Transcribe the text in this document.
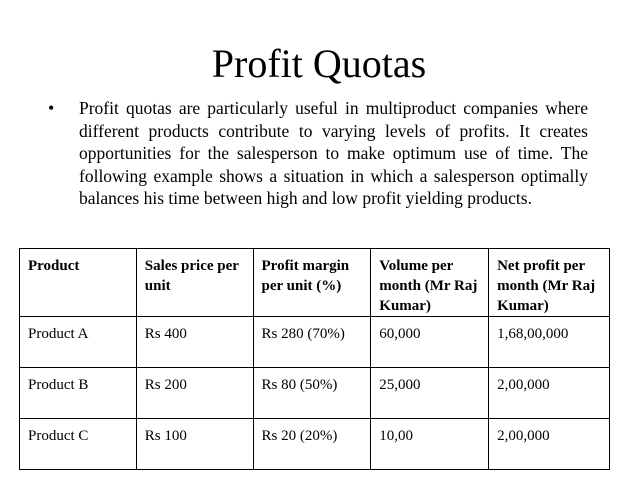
Profit Quotas
• Profit quotas are particularly useful in multiproduct companies where different products contribute to varying levels of profits. It creates opportunities for the salesperson to make optimum use of time. The following example shows a situation in which a salesperson optimally balances his time between high and low profit yielding products.
Product	Sales price per unit	Profit margin per unit (%)	Volume per month (Mr Raj Kumar)	Net profit per month (Mr Raj Kumar)
Product A	Rs 400	Rs 280 (70%)	60,000	1,68,00,000
Product B	Rs 200	Rs 80 (50%)	25,000	2,00,000
Product C	Rs 100	Rs 20 (20%)	10,00	2,00,000
